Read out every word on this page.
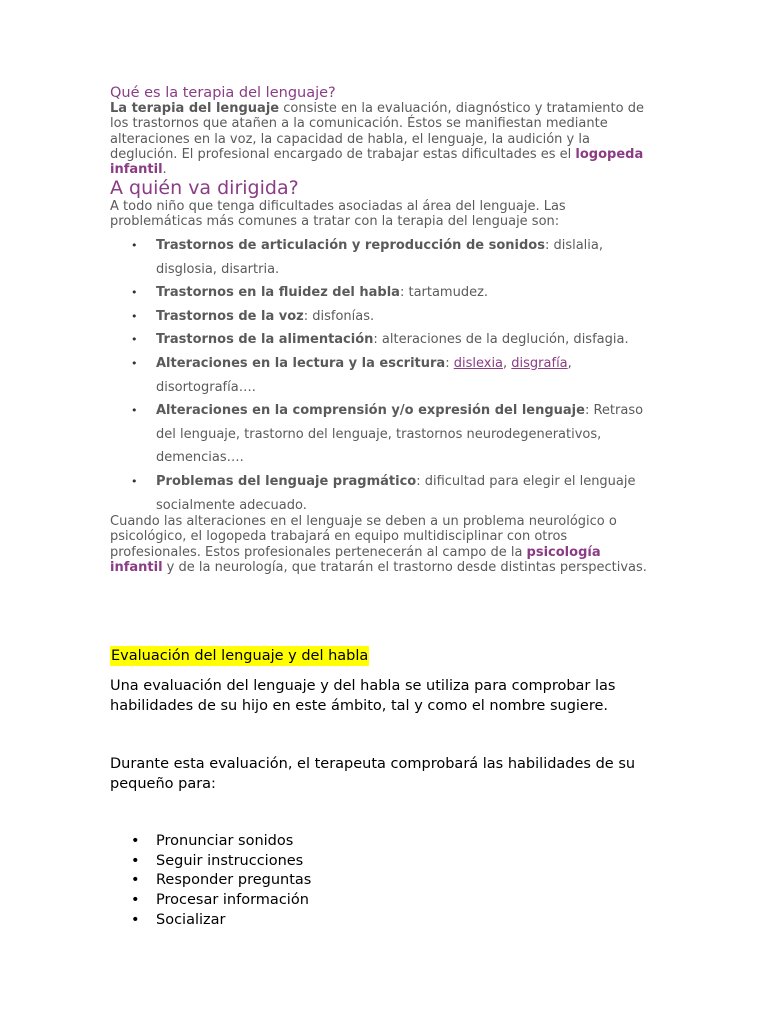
Qué es la terapia del lenguaje?
La terapia del lenguaje consiste en la evaluación, diagnóstico y tratamiento de los trastornos que atañen a la comunicación. Éstos se manifiestan mediante alteraciones en la voz, la capacidad de habla, el lenguaje, la audición y la deglución. El profesional encargado de trabajar estas dificultades es el logopeda infantil.
A quién va dirigida?
A todo niño que tenga dificultades asociadas al área del lenguaje. Las problemáticas más comunes a tratar con la terapia del lenguaje son:
• Trastornos de articulación y reproducción de sonidos: dislalia, disglosia, disartria.
• Trastornos en la fluidez del habla: tartamudez.
• Trastornos de la voz: disfonías.
• Trastornos de la alimentación: alteraciones de la deglución, disfagia.
• Alteraciones en la lectura y la escritura: dislexia, disgrafía, disortografía….
• Alteraciones en la comprensión y/o expresión del lenguaje: Retraso del lenguaje, trastorno del lenguaje, trastornos neurodegenerativos, demencias….
• Problemas del lenguaje pragmático: dificultad para elegir el lenguaje socialmente adecuado.
Cuando las alteraciones en el lenguaje se deben a un problema neurológico o psicológico, el logopeda trabajará en equipo multidisciplinar con otros profesionales. Estos profesionales pertenecerán al campo de la psicología infantil y de la neurología, que tratarán el trastorno desde distintas perspectivas.
Evaluación del lenguaje y del habla
Una evaluación del lenguaje y del habla se utiliza para comprobar las habilidades de su hijo en este ámbito, tal y como el nombre sugiere.
Durante esta evaluación, el terapeuta comprobará las habilidades de su pequeño para:
• Pronunciar sonidos
• Seguir instrucciones
• Responder preguntas
• Procesar información
• Socializar
